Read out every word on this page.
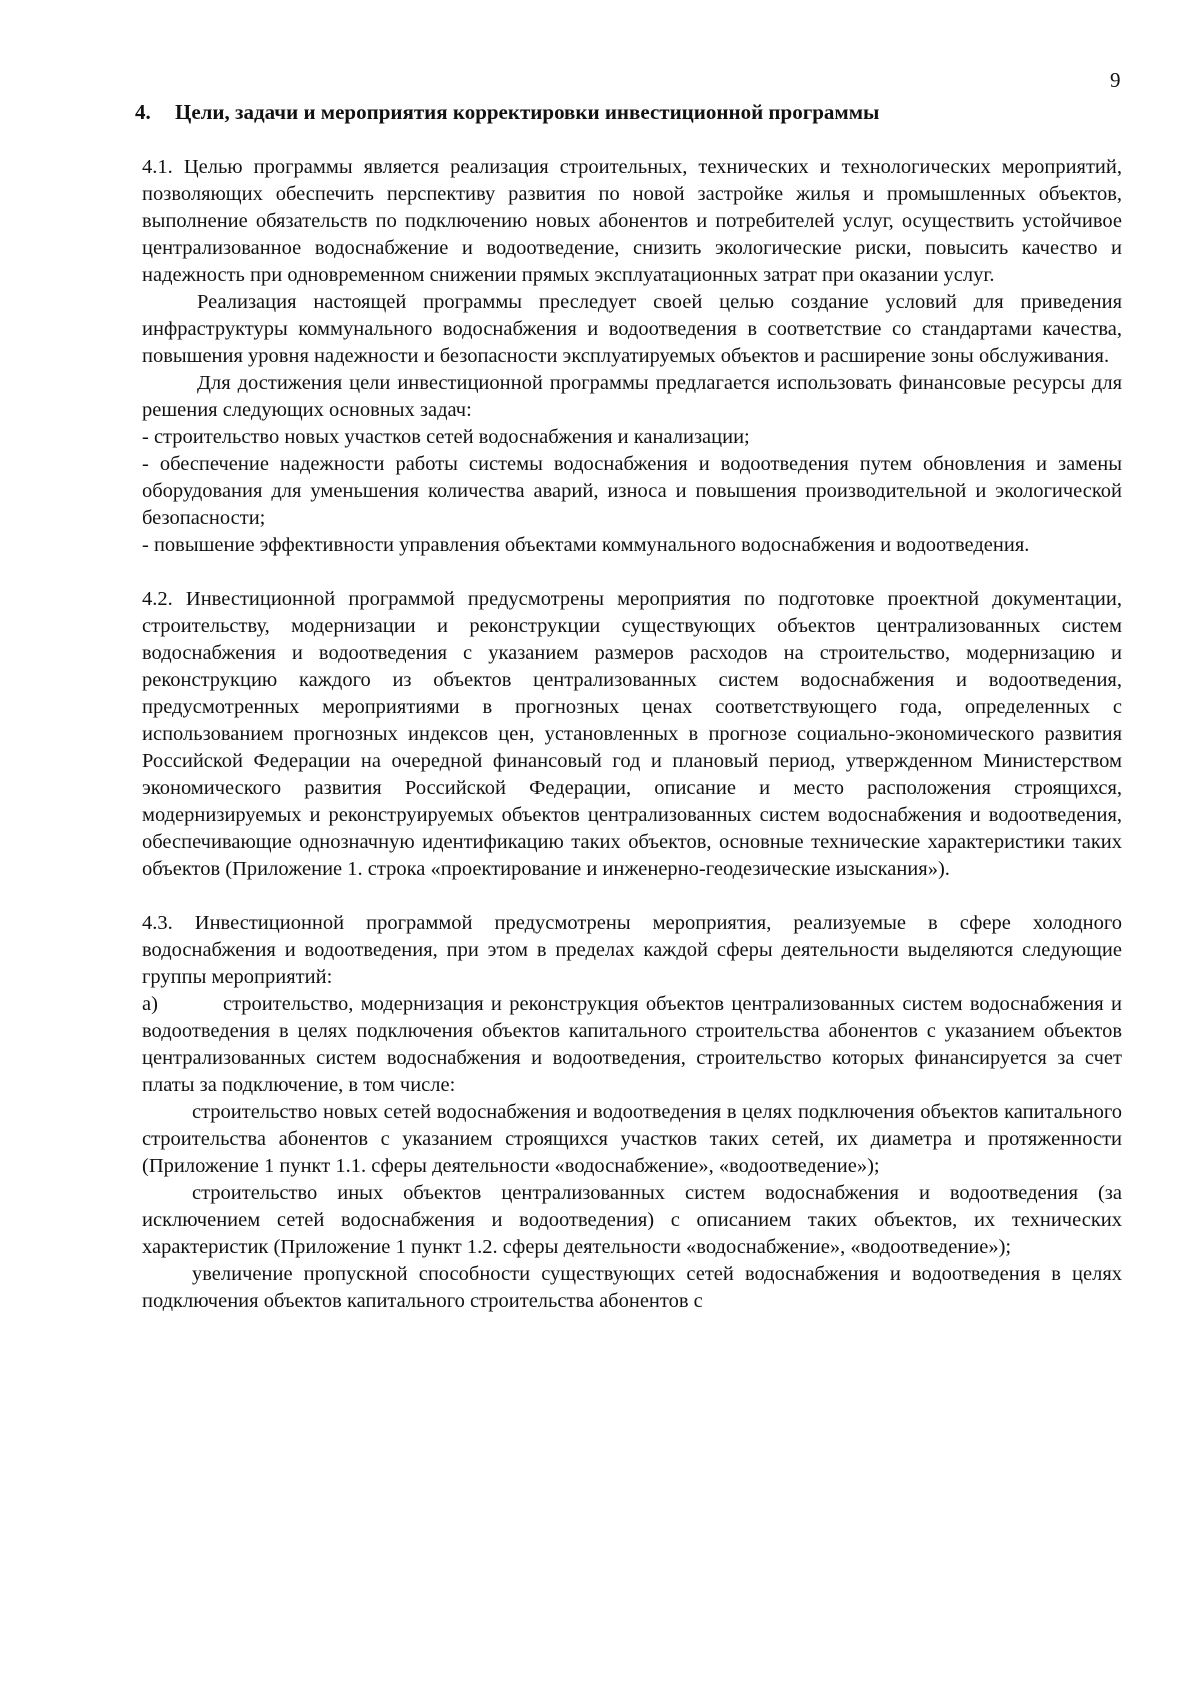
9
4. Цели, задачи и мероприятия корректировки инвестиционной программы

4.1. Целью программы является реализация строительных, технических и технологических мероприятий, позволяющих обеспечить перспективу развития по новой застройке жилья и промышленных объектов, выполнение обязательств по подключению новых абонентов и потребителей услуг, осуществить устойчивое централизованное водоснабжение и водоотведение, снизить экологические риски, повысить качество и надежность при одновременном снижении прямых эксплуатационных затрат при оказании услуг.

Реализация настоящей программы преследует своей целью создание условий для приведения инфраструктуры коммунального водоснабжения и водоотведения в соответствие со стандартами качества, повышения уровня надежности и безопасности эксплуатируемых объектов и расширение зоны обслуживания.

Для достижения цели инвестиционной программы предлагается использовать финансовые ресурсы для решения следующих основных задач:

- строительство новых участков сетей водоснабжения и канализации;

- обеспечение надежности работы системы водоснабжения и водоотведения путем обновления и замены оборудования для уменьшения количества аварий, износа и повышения производительной и экологической безопасности;

- повышение эффективности управления объектами коммунального водоснабжения и водоотведения.

4.2. Инвестиционной программой предусмотрены мероприятия по подготовке проектной документации, строительству, модернизации и реконструкции существующих объектов централизованных систем водоснабжения и водоотведения с указанием размеров расходов на строительство, модернизацию и реконструкцию каждого из объектов централизованных систем водоснабжения и водоотведения, предусмотренных мероприятиями в прогнозных ценах соответствующего года, определенных с использованием прогнозных индексов цен, установленных в прогнозе социально-экономического развития Российской Федерации на очередной финансовый год и плановый период, утвержденном Министерством экономического развития Российской Федерации, описание и место расположения строящихся, модернизируемых и реконструируемых объектов централизованных систем водоснабжения и водоотведения, обеспечивающие однозначную идентификацию таких объектов, основные технические характеристики таких объектов (Приложение 1. строка «проектирование и инженерно-геодезические изыскания»).

4.3. Инвестиционной программой предусмотрены мероприятия, реализуемые в сфере холодного водоснабжения и водоотведения, при этом в пределах каждой сферы деятельности выделяются следующие группы мероприятий:

а)	строительство, модернизация и реконструкция объектов централизованных систем водоснабжения и водоотведения в целях подключения объектов капитального строительства абонентов с указанием объектов централизованных систем водоснабжения и водоотведения, строительство которых финансируется за счет платы за подключение, в том числе:

строительство новых сетей водоснабжения и водоотведения в целях подключения объектов капитального строительства абонентов с указанием строящихся участков таких сетей, их диаметра и протяженности (Приложение 1 пункт 1.1. сферы деятельности «водоснабжение», «водоотведение»);

строительство иных объектов централизованных систем водоснабжения и водоотведения (за исключением сетей водоснабжения и водоотведения) с описанием таких объектов, их технических характеристик (Приложение 1 пункт 1.2. сферы деятельности «водоснабжение», «водоотведение»);

увеличение пропускной способности существующих сетей водоснабжения и водоотведения в целях подключения объектов капитального строительства абонентов с
